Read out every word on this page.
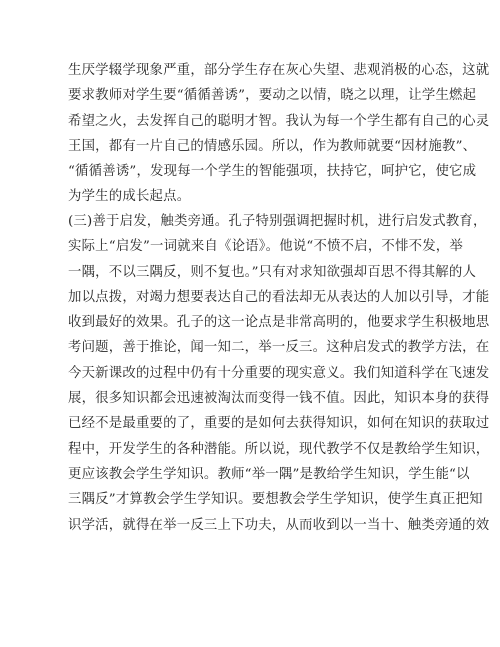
生厌学辍学现象严重，部分学生存在灰心失望、悲观消极的心态，这就
要求教师对学生要“循循善诱”，要动之以情，晓之以理，让学生燃起
希望之火，去发挥自己的聪明才智。我认为每一个学生都有自己的心灵
王国，都有一片自己的情感乐园。所以，作为教师就要“因材施教”、
“循循善诱”，发现每一个学生的智能强项，扶持它，呵护它，使它成
为学生的成长起点。
(三)善于启发，触类旁通。孔子特别强调把握时机，进行启发式教育，
实际上“启发”一词就来自《论语》。他说“不愤不启，不悱不发，举
一隅，不以三隅反，则不复也。”只有对求知欲强却百思不得其解的人
加以点拨，对竭力想要表达自己的看法却无从表达的人加以引导，才能
收到最好的效果。孔子的这一论点是非常高明的，他要求学生积极地思
考问题，善于推论，闻一知二，举一反三。这种启发式的教学方法，在
今天新课改的过程中仍有十分重要的现实意义。我们知道科学在飞速发
展，很多知识都会迅速被淘汰而变得一钱不值。因此，知识本身的获得
已经不是最重要的了，重要的是如何去获得知识，如何在知识的获取过
程中，开发学生的各种潜能。所以说，现代教学不仅是教给学生知识，
更应该教会学生学知识。教师“举一隅”是教给学生知识，学生能“以
三隅反”才算教会学生学知识。要想教会学生学知识，使学生真正把知
识学活，就得在举一反三上下功夫，从而收到以一当十、触类旁通的效
